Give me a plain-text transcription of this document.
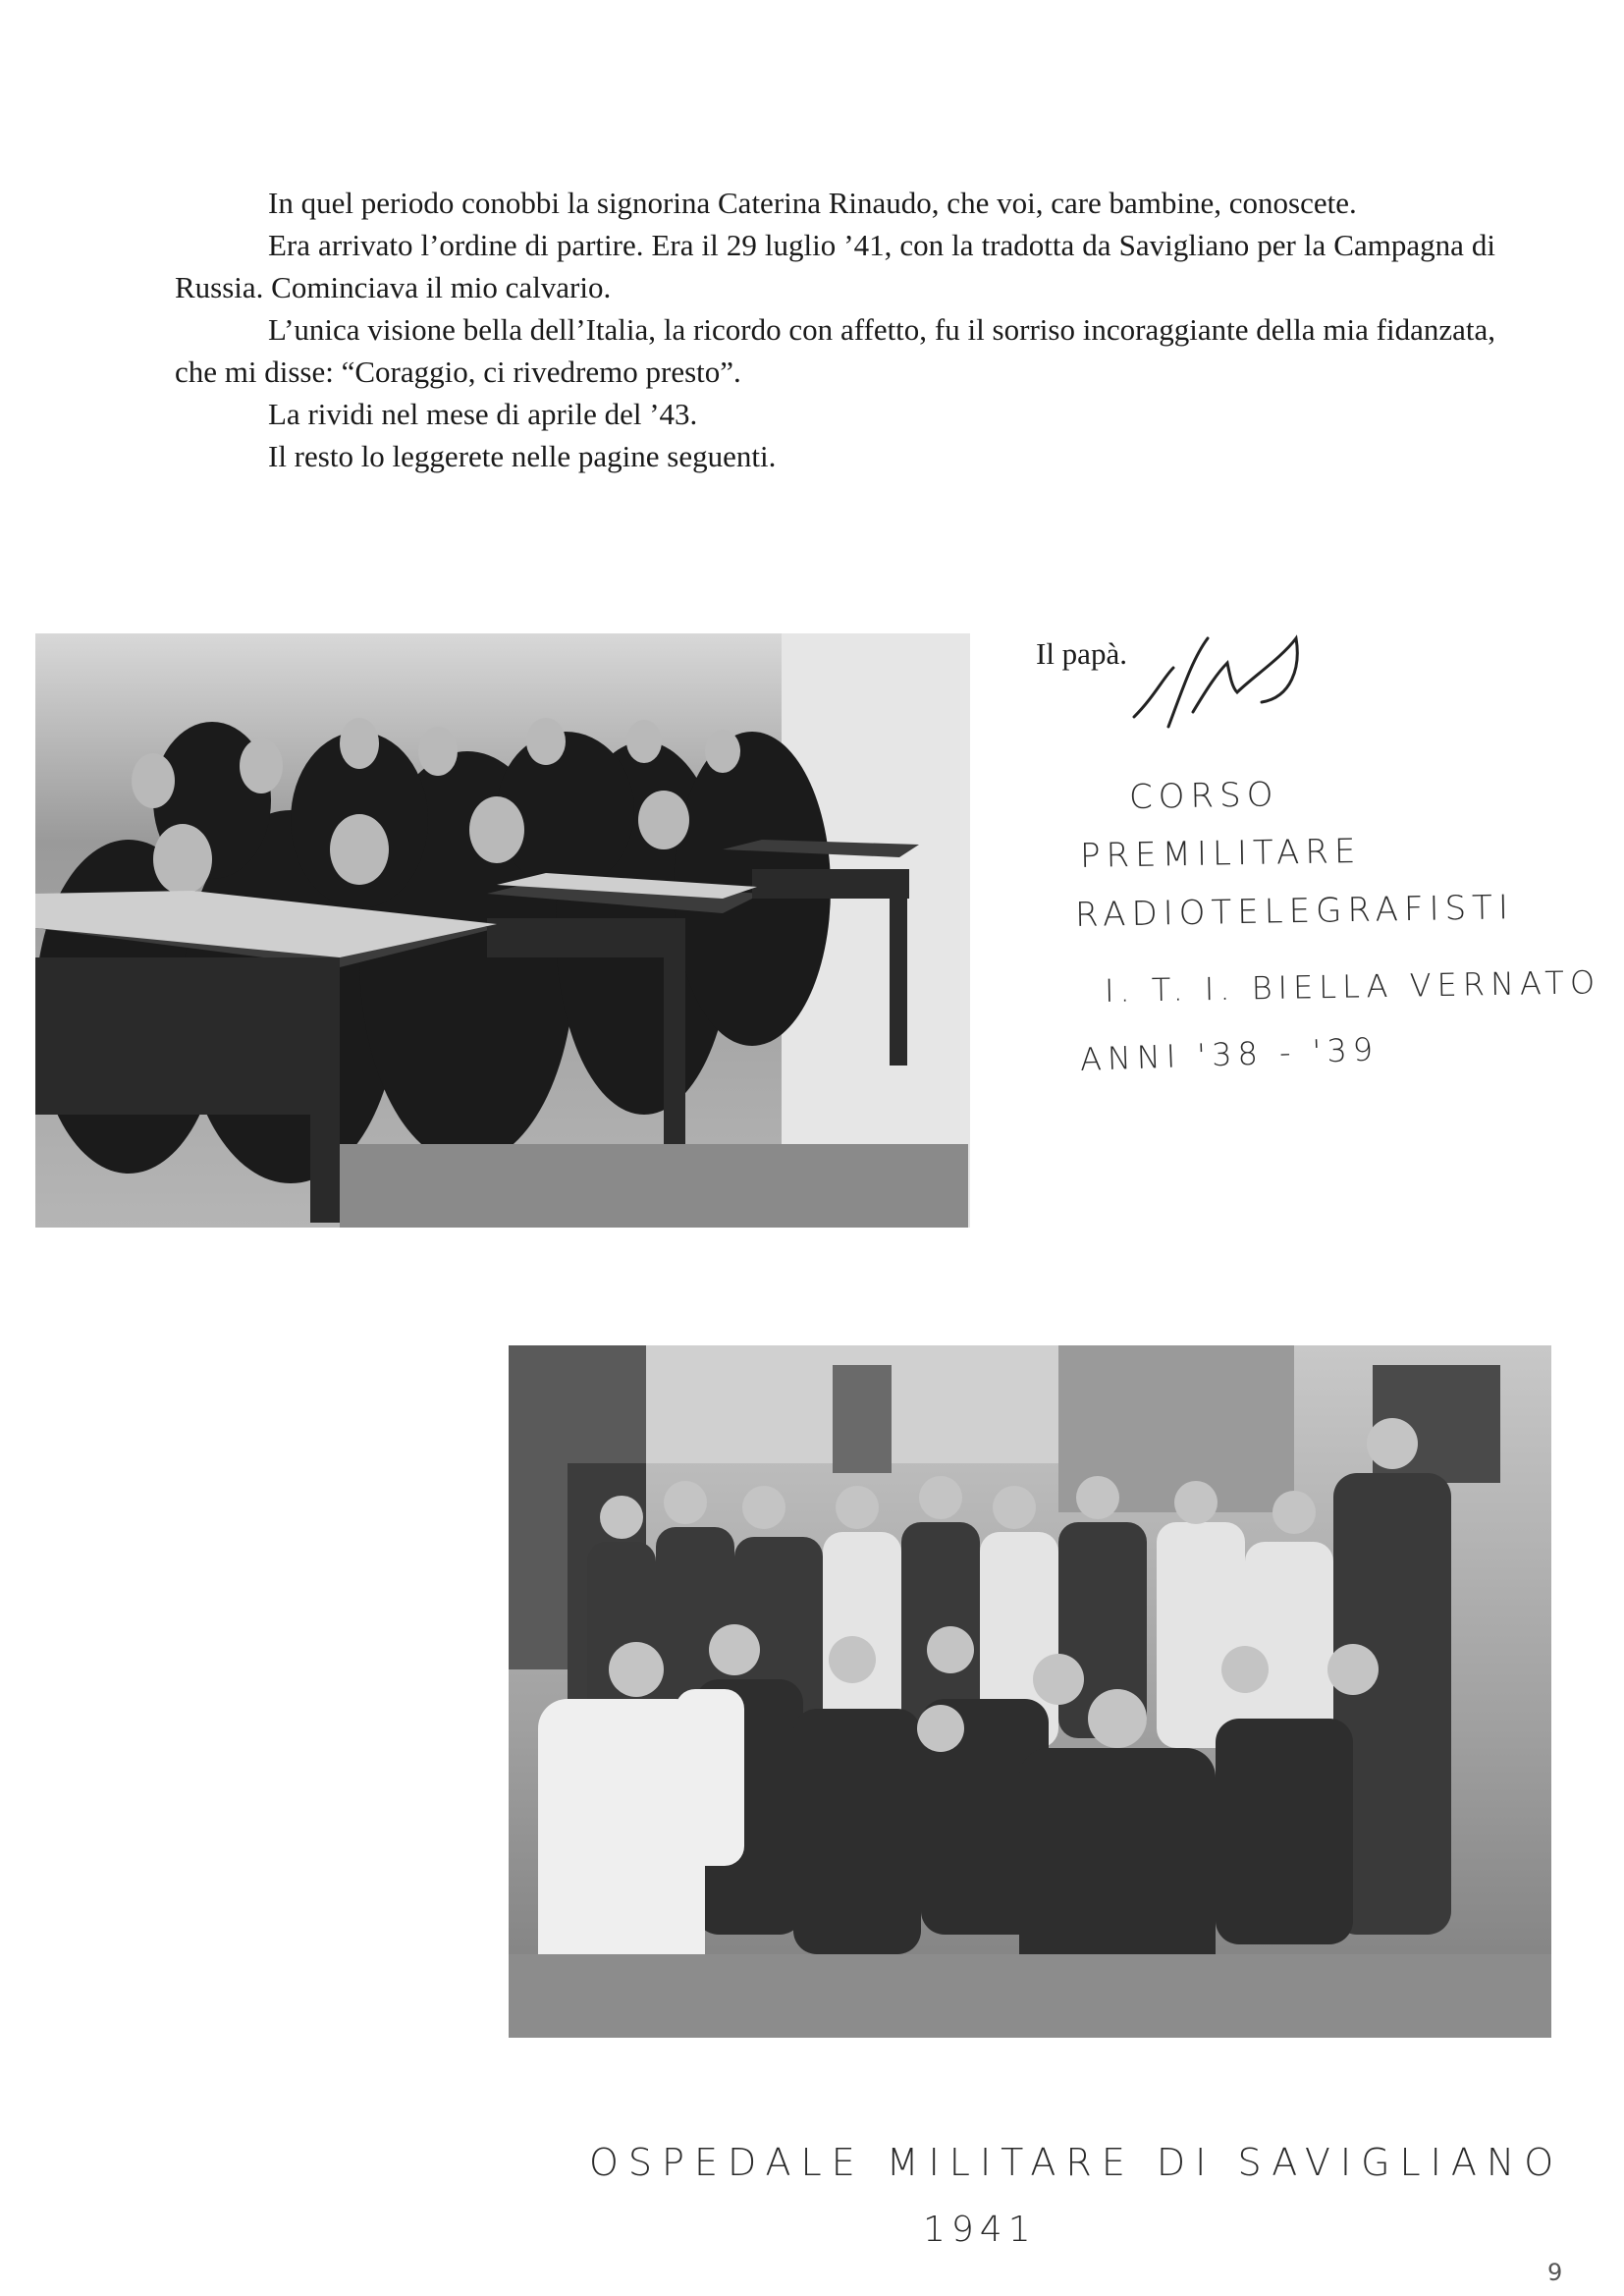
In quel periodo conobbi la signorina Caterina Rinaudo, che voi, care bambine, conoscete.

Era arrivato l’ordine di partire. Era il 29 luglio ’41, con la tradotta da Savigliano per la Campagna di Russia. Cominciava il mio calvario.

L’unica visione bella dell’Italia, la ricordo con affetto, fu il sorriso incoraggiante della mia fidanzata, che mi disse: “Coraggio, ci rivedremo presto”.

La rividi nel mese di aprile del ’43.

Il resto lo leggerete nelle pagine seguenti.

Il papà.
CORSO
PREMILITARE
RADIOTELEGRAFISTI
I. T. I. BIELLA VERNATO
ANNI '38 - '39
OSPEDALE MILITARE DI SAVIGLIANO
1941
9
